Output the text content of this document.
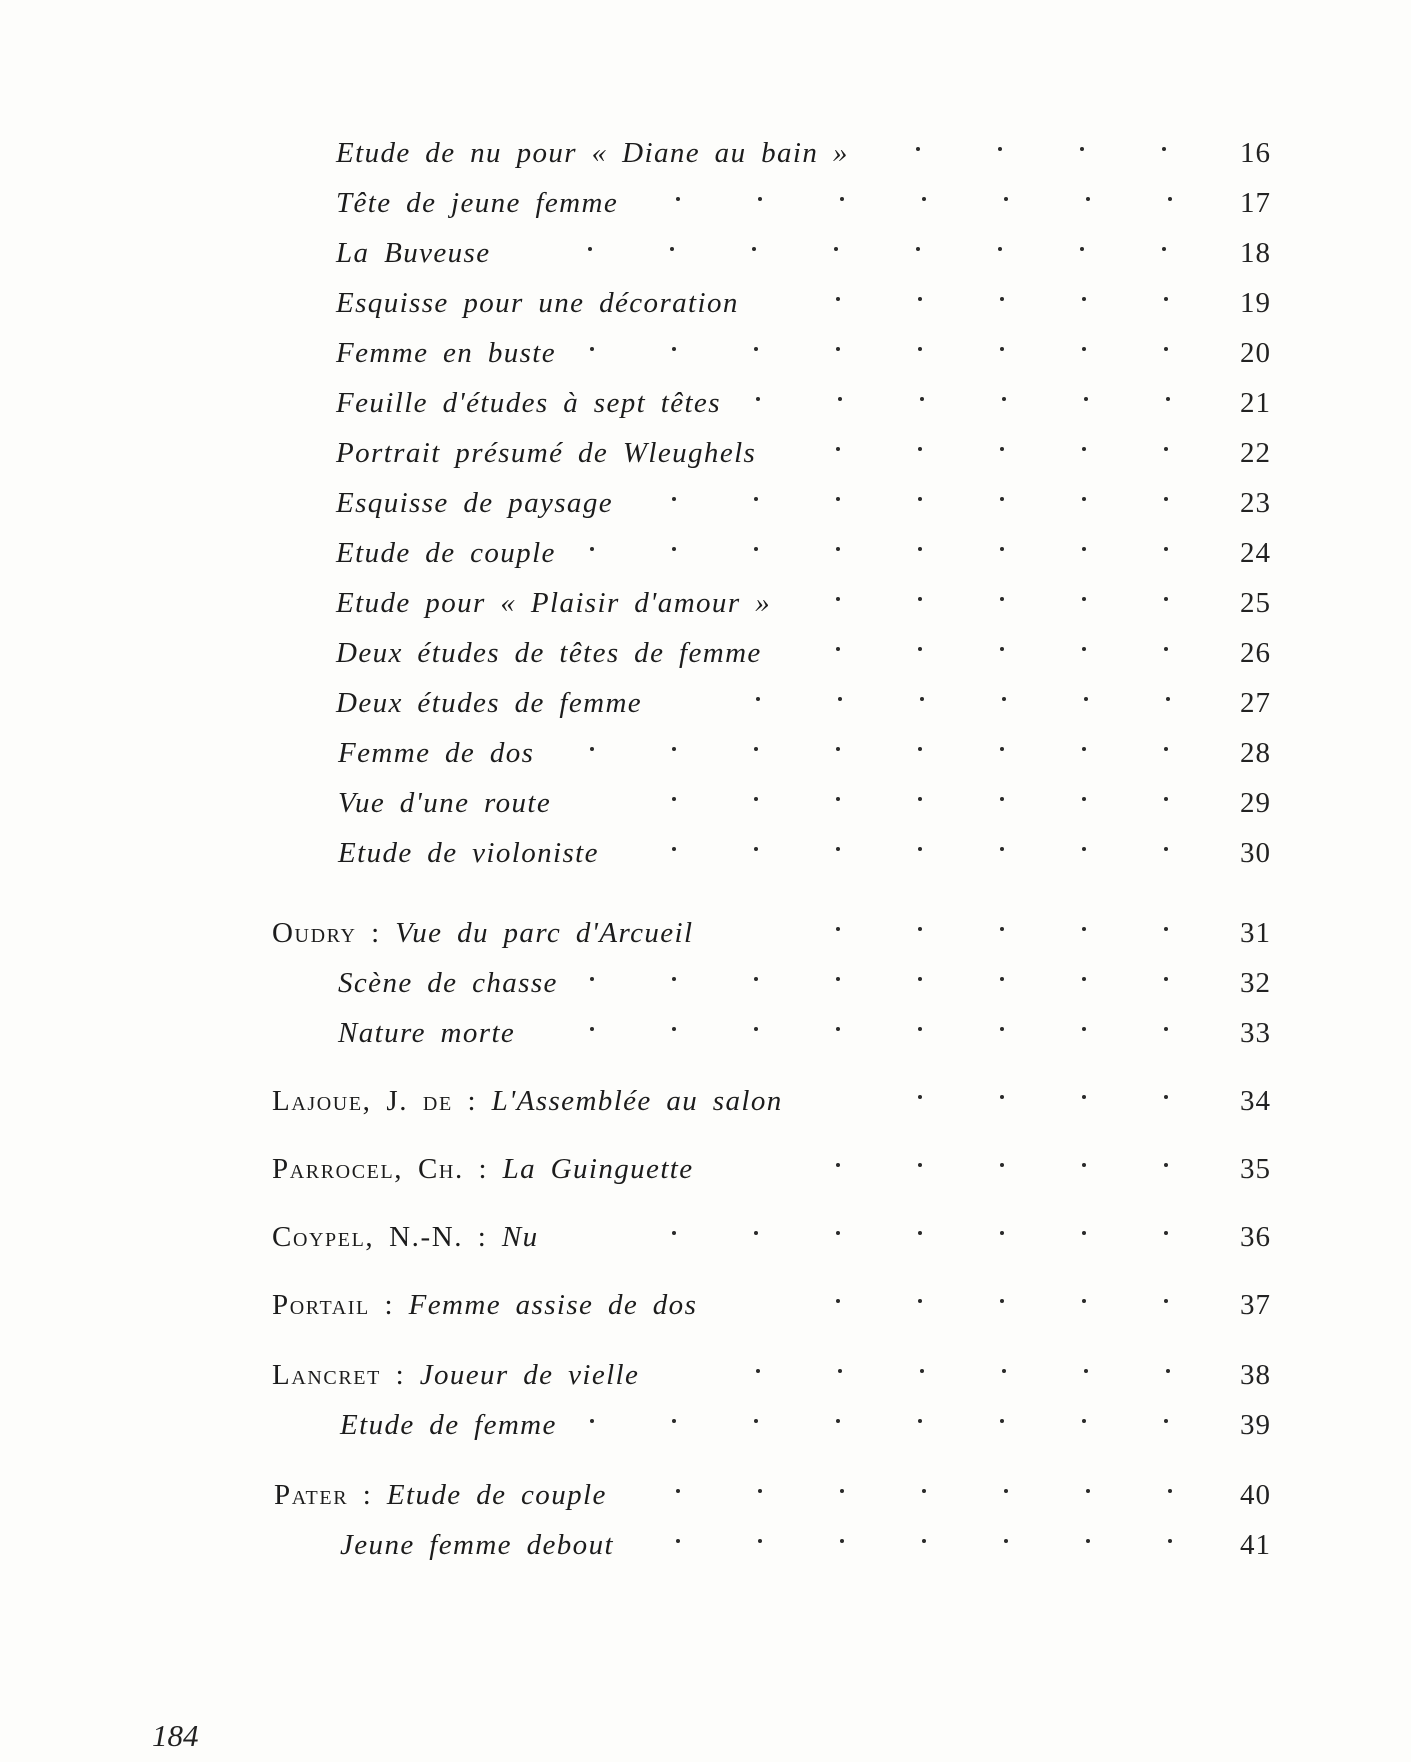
Etude de nu pour « Diane au bain »	16
Tête de jeune femme	17
La Buveuse	18
Esquisse pour une décoration	19
Femme en buste	20
Feuille d'études à sept têtes	21
Portrait présumé de Wleughels	22
Esquisse de paysage	23
Etude de couple	24
Etude pour « Plaisir d'amour »	25
Deux études de têtes de femme	26
Deux études de femme	27
Femme de dos	28
Vue d'une route	29
Etude de violoniste	30
Oudry : Vue du parc d'Arcueil	31
Scène de chasse	32
Nature morte	33
Lajoue, J. de : L'Assemblée au salon	34
Parrocel, Ch. : La Guinguette	35
Coypel, N.-N. : Nu	36
Portail : Femme assise de dos	37
Lancret : Joueur de vielle	38
Etude de femme	39
Pater : Etude de couple	40
Jeune femme debout	41
184
